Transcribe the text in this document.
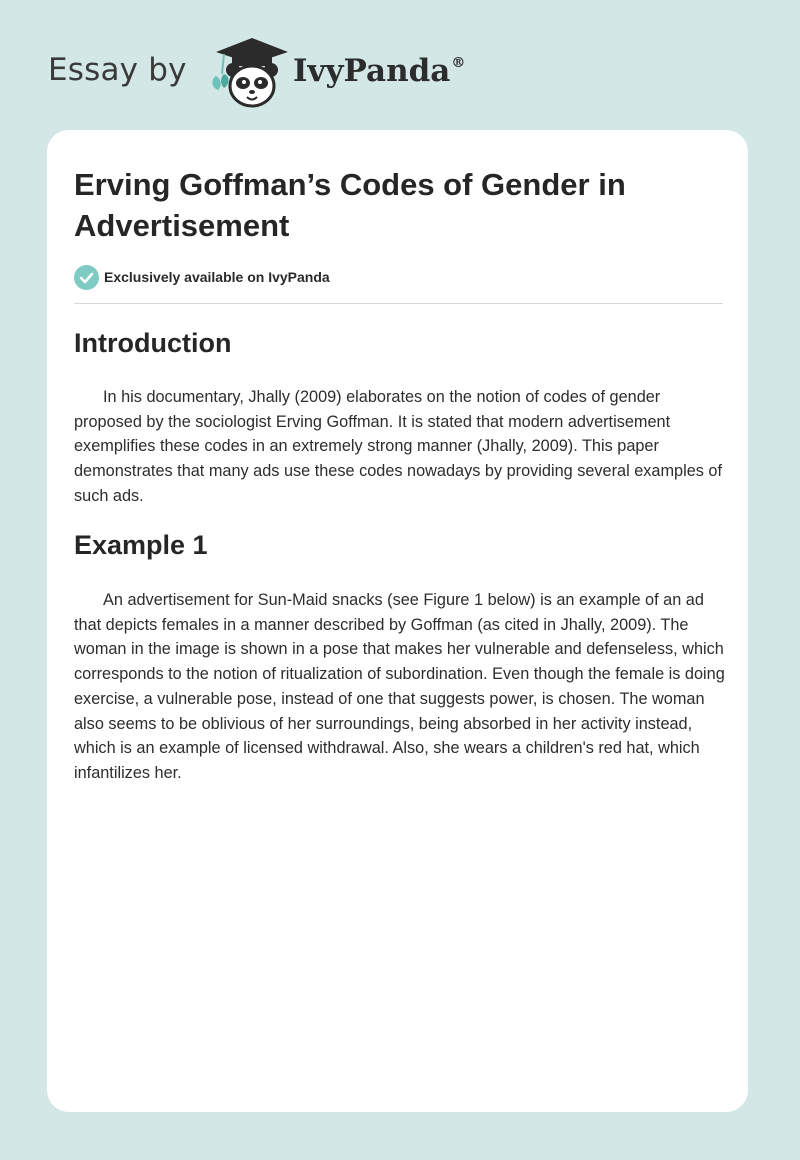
Essay by	IvyPanda®
Erving Goffman’s Codes of Gender in Advertisement
Exclusively available on IvyPanda
Introduction

In his documentary, Jhally (2009) elaborates on the notion of codes of gender proposed by the sociologist Erving Goffman. It is stated that modern advertisement exemplifies these codes in an extremely strong manner (Jhally, 2009). This paper demonstrates that many ads use these codes nowadays by providing several examples of such ads.

Example 1

An advertisement for Sun-Maid snacks (see Figure 1 below) is an example of an ad that depicts females in a manner described by Goffman (as cited in Jhally, 2009). The woman in the image is shown in a pose that makes her vulnerable and defenseless, which corresponds to the notion of ritualization of subordination. Even though the female is doing exercise, a vulnerable pose, instead of one that suggests power, is chosen. The woman also seems to be oblivious of her surroundings, being absorbed in her activity instead, which is an example of licensed withdrawal. Also, she wears a children's red hat, which infantilizes her.
